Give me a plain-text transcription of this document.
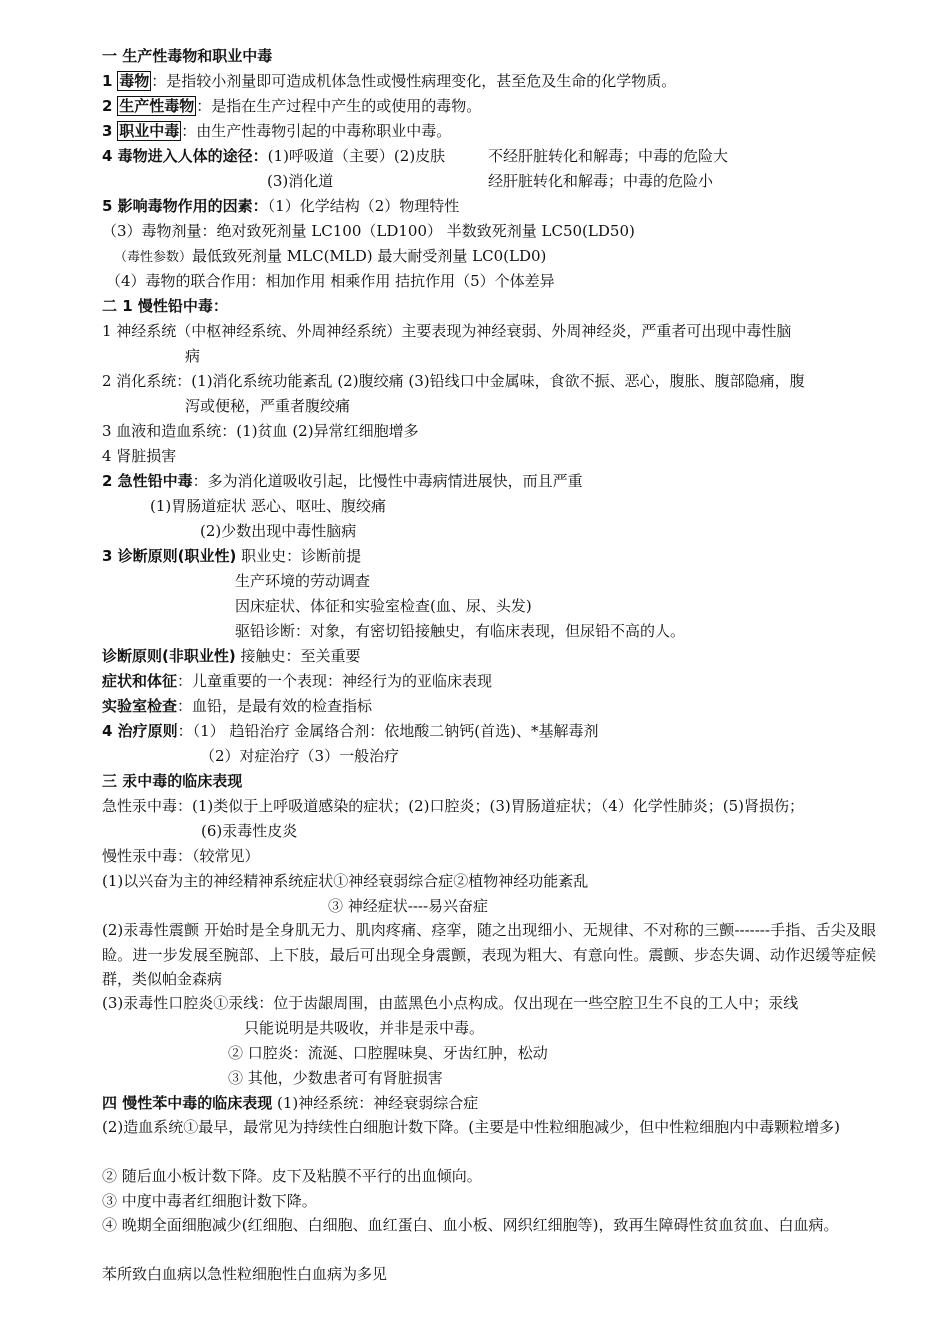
一 生产性毒物和职业中毒
1 毒物 ：是指较小剂量即可造成机体急性或慢性病理变化，甚至危及生命的化学物质。
2 生产性毒物 ：是指在生产过程中产生的或使用的毒物。
3 职业中毒 ：由生产性毒物引起的中毒称职业中毒。
4 毒物进入人体的途径：(1)呼吸道（主要）(2)皮肤	不经肝脏转化和解毒；中毒的危险大
(3)消化道	经肝脏转化和解毒；中毒的危险小
5 影响毒物作用的因素：（1）化学结构（2）物理特性
（3）毒物剂量：绝对致死剂量 LC100（LD100） 半数致死剂量 LC50(LD50)
（毒性参数）最低致死剂量 MLC(MLD) 最大耐受剂量 LC0(LD0)
（4）毒物的联合作用：相加作用 相乘作用 拮抗作用（5）个体差异
二 1 慢性铅中毒：
1 神经系统（中枢神经系统、外周神经系统）主要表现为神经衰弱、外周神经炎，严重者可出现中毒性脑
病
2 消化系统：(1)消化系统功能紊乱 (2)腹绞痛 (3)铅线口中金属味，食欲不振、恶心，腹胀、腹部隐痛，腹
泻或便秘，严重者腹绞痛
3 血液和造血系统：(1)贫血 (2)异常红细胞增多
4 肾脏损害
2 急性铅中毒：多为消化道吸收引起，比慢性中毒病情进展快，而且严重
(1)胃肠道症状 恶心、呕吐、腹绞痛
(2)少数出现中毒性脑病
3 诊断原则(职业性) 职业史：诊断前提
生产环境的劳动调查
因床症状、体征和实验室检查(血、尿、头发)
驱铅诊断：对象，有密切铅接触史，有临床表现，但尿铅不高的人。
诊断原则(非职业性) 接触史：至关重要
症状和体征：儿童重要的一个表现：神经行为的亚临床表现
实验室检查：血铅，是最有效的检查指标
4 治疗原则：（1） 趋铅治疗 金属络合剂：依地酸二钠钙(首选)、*基解毒剂
（2）对症治疗（3）一般治疗
三 汞中毒的临床表现
急性汞中毒：(1)类似于上呼吸道感染的症状；(2)口腔炎；(3)胃肠道症状；（4）化学性肺炎；(5)肾损伤；
(6)汞毒性皮炎
慢性汞中毒：（较常见）
(1)以兴奋为主的神经精神系统症状①神经衰弱综合症②植物神经功能紊乱
③ 神经症状----易兴奋症
(2)汞毒性震颤 开始时是全身肌无力、肌肉疼痛、痉挛，随之出现细小、无规律、不对称的三颤-------手指、舌尖及眼睑。进一步发展至腕部、上下肢，最后可出现全身震颤，表现为粗大、有意向性。震颤、步态失调、动作迟缓等症候群，类似帕金森病
(3)汞毒性口腔炎①汞线：位于齿龈周围，由蓝黑色小点构成。仅出现在一些空腔卫生不良的工人中；汞线
只能说明是共吸收，并非是汞中毒。
② 口腔炎：流涎、口腔腥味臭、牙齿红肿，松动
③ 其他，少数患者可有肾脏损害
四 慢性苯中毒的临床表现 (1)神经系统：神经衰弱综合症
(2)造血系统①最早，最常见为持续性白细胞计数下降。(主要是中性粒细胞减少，但中性粒细胞内中毒颗粒增多)
② 随后血小板计数下降。皮下及粘膜不平行的出血倾向。
③ 中度中毒者红细胞计数下降。
④ 晚期全面细胞减少(红细胞、白细胞、血红蛋白、血小板、网织红细胞等)，致再生障碍性贫血贫血、白血病。
苯所致白血病以急性粒细胞性白血病为多见
